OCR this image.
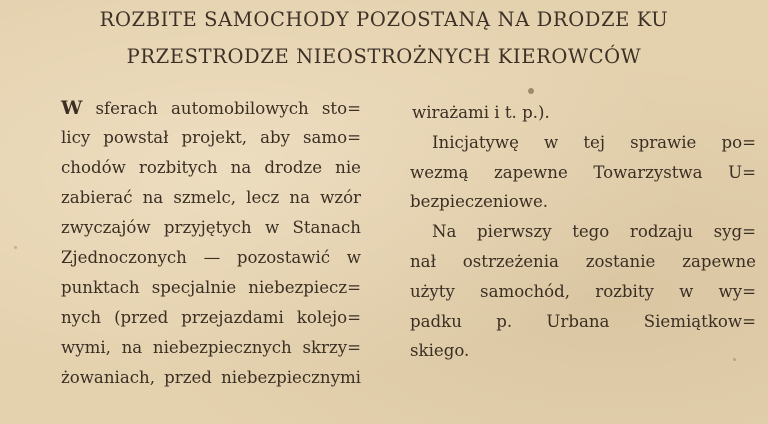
ROZBITE SAMOCHODY POZOSTANĄ NA DRODZE KU
PRZESTRODZE NIEOSTROŻNYCH KIEROWCÓW
W sferach automobilowych sto=
licy powstał projekt, aby samo=
chodów rozbitych na drodze nie
zabierać na szmelc, lecz na wzór
zwyczajów przyjętych w Stanach
Zjednoczonych — pozostawić w
punktach specjalnie niebezpiecz=
nych (przed przejazdami kolejo=
wymi, na niebezpiecznych skrzy=
żowaniach, przed niebezpiecznymi
wirażami i t. p.).
Inicjatywę w tej sprawie po=
wezmą zapewne Towarzystwa U=
bezpieczeniowe.
Na pierwszy tego rodzaju syg=
nał ostrzeżenia zostanie zapewne
użyty samochód, rozbity w wy=
padku p. Urbana Siemiątkow=
skiego.
